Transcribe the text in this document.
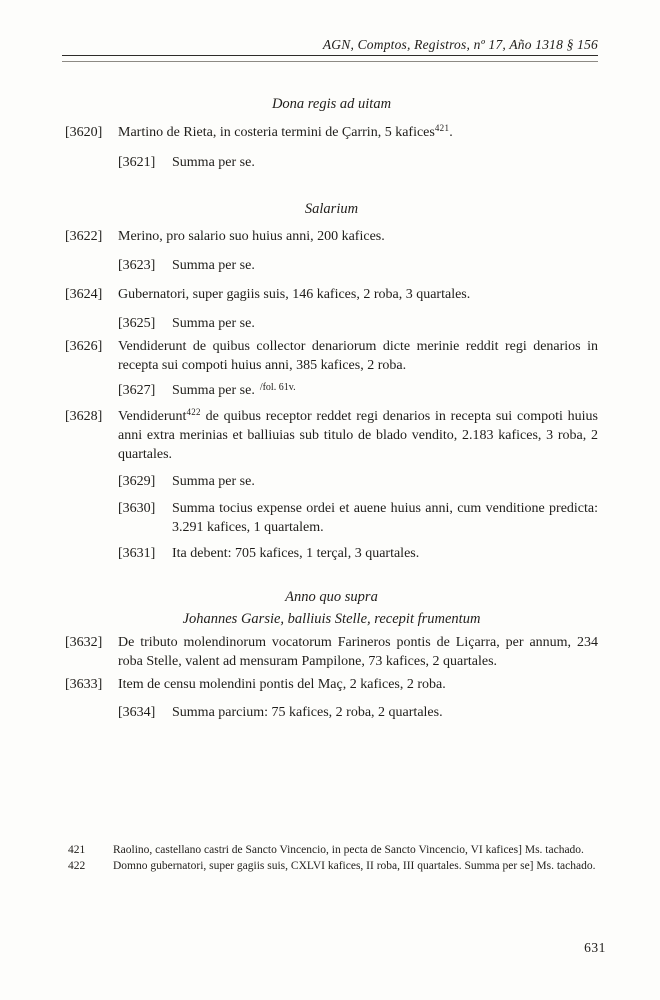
AGN, Comptos, Registros, nº 17, Año 1318 § 156
Dona regis ad uitam
[3620]	Martino de Rieta, in costeria termini de Çarrin, 5 kafices$^{421}$.
[3621]	Summa per se.
Salarium
[3622]	Merino, pro salario suo huius anni, 200 kafices.
[3623]	Summa per se.
[3624]	Gubernatori, super gagiis suis, 146 kafices, 2 roba, 3 quartales.
[3625]	Summa per se.
[3626]	Vendiderunt de quibus collector denariorum dicte merinie reddit regi denarios in recepta sui compoti huius anni, 385 kafices, 2 roba.
[3627]	Summa per se. $^{/fol. 61v.}$
[3628]	Vendiderunt$^{422}$ de quibus receptor reddet regi denarios in recepta sui compoti huius anni extra merinias et balliuias sub titulo de blado vendito, 2.183 kafices, 3 roba, 2 quartales.
[3629]	Summa per se.
[3630]	Summa tocius expense ordei et auene huius anni, cum venditione predicta: 3.291 kafices, 1 quartalem.
[3631]	Ita debent: 705 kafices, 1 terçal, 3 quartales.
Anno quo supra
Johannes Garsie, balliuis Stelle, recepit frumentum
[3632]	De tributo molendinorum vocatorum Farineros pontis de Liçarra, per annum, 234 roba Stelle, valent ad mensuram Pampilone, 73 kafices, 2 quartales.
[3633]	Item de censu molendini pontis del Maç, 2 kafices, 2 roba.
[3634]	Summa parcium: 75 kafices, 2 roba, 2 quartales.
421	Raolino, castellano castri de Sancto Vincencio, in pecta de Sancto Vincencio, VI kafices] Ms. tachado.
422	Domno gubernatori, super gagiis suis, CXLVI kafices, II roba, III quartales. Summa per se] Ms. tachado.
631
